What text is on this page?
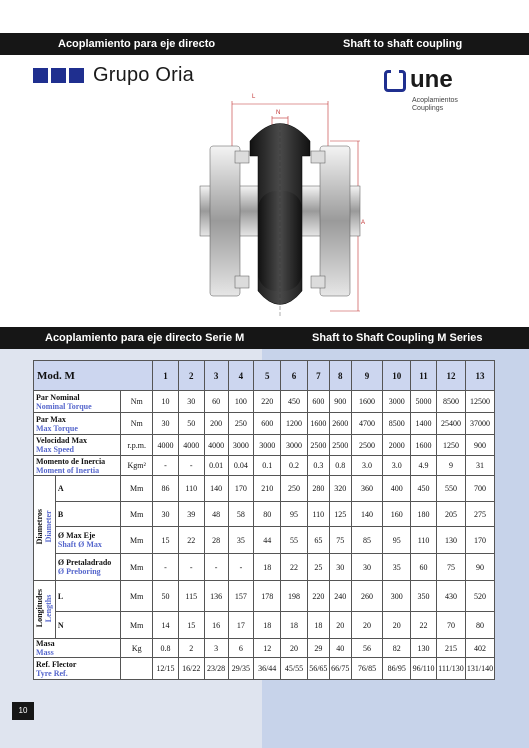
Acoplamiento para eje directo	Shaft to shaft coupling
Grupo Oria	une
Acoplamientos
Couplings
L
N
A
Acoplamiento para eje directo Serie M	Shaft to Shaft Coupling M Series
Mod. M			1	2	3	4	5	6	7	8	9	10	11	12	13
Par Nominal
Nominal Torque		Nm	10	30	60	100	220	450	600	900	1600	3000	5000	8500	12500
Par Max
Max Torque		Nm	30	50	200	250	600	1200	1600	2600	4700	8500	1400	25400	37000
Velocidad Max
Max Speed		r.p.m.	4000	4000	4000	3000	3000	3000	2500	2500	2500	2000	1600	1250	900
Momento de Inercia
Moment of Inertia		Kgm²	-	-	0.01	0.04	0.1	0.2	0.3	0.8	3.0	3.0	4.9	9	31
Diametros
Diameter	A	Mm	86	110	140	170	210	250	280	320	360	400	450	550	700
	B	Mm	30	39	48	58	80	95	110	125	140	160	180	205	275
	Ø Max Eje
Shaft Ø Max	Mm	15	22	28	35	44	55	65	75	85	95	110	130	170
	Ø Pretaladrado
Ø Preboring	Mm	-	-	-	-	18	22	25	30	30	35	60	75	90
Longitudes
Lengths	L	Mm	50	115	136	157	178	198	220	240	260	300	350	430	520
	N	Mm	14	15	16	17	18	18	18	20	20	20	22	70	80
Masa
Mass		Kg	0.8	2	3	6	12	20	29	40	56	82	130	215	402
Ref. Flector
Tyre Ref.			12/15	16/22	23/28	29/35	36/44	45/55	56/65	66/75	76/85	86/95	96/110	111/130	131/140
10
